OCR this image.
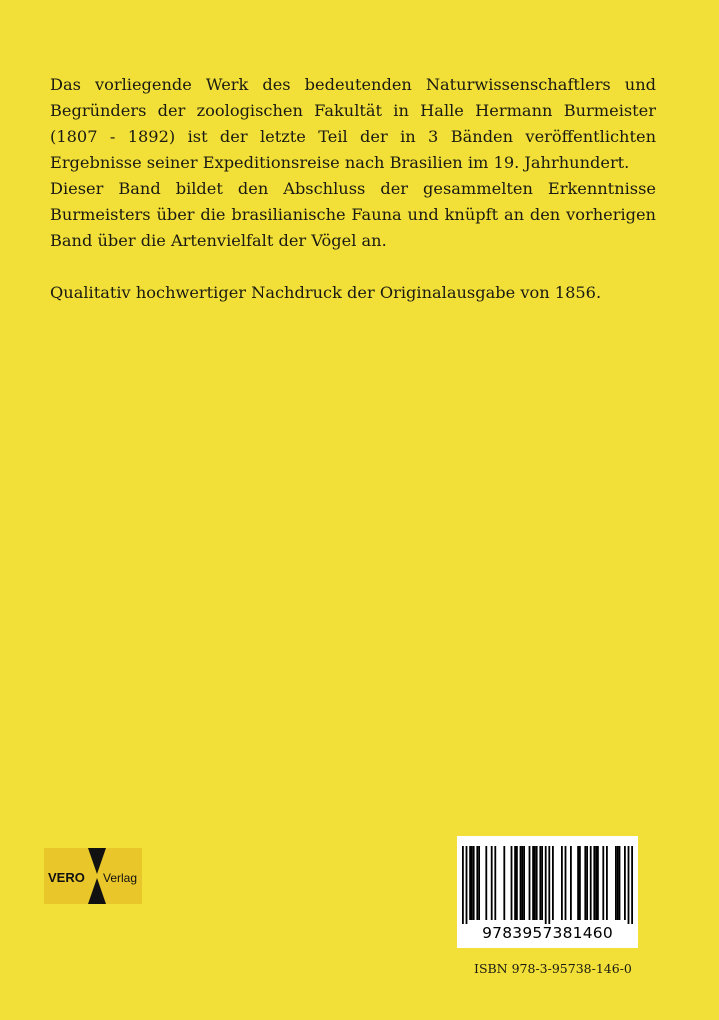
Das vorliegende Werk des bedeutenden Naturwissenschaftlers und Begründers der zoologischen Fakultät in Halle Hermann Burmeister (1807 - 1892) ist der letzte Teil der in 3 Bänden veröffentlichten Ergebnisse seiner Expeditionsreise nach Brasilien im 19. Jahrhundert.

Dieser Band bildet den Abschluss der gesammelten Erkenntnisse Burmeisters über die brasilianische Fauna und knüpft an den vorherigen Band über die Artenvielfalt der Vögel an.

Qualitativ hochwertiger Nachdruck der Originalausgabe von 1856.

VERO Verlag
9783957381460
ISBN 978-3-95738-146-0
